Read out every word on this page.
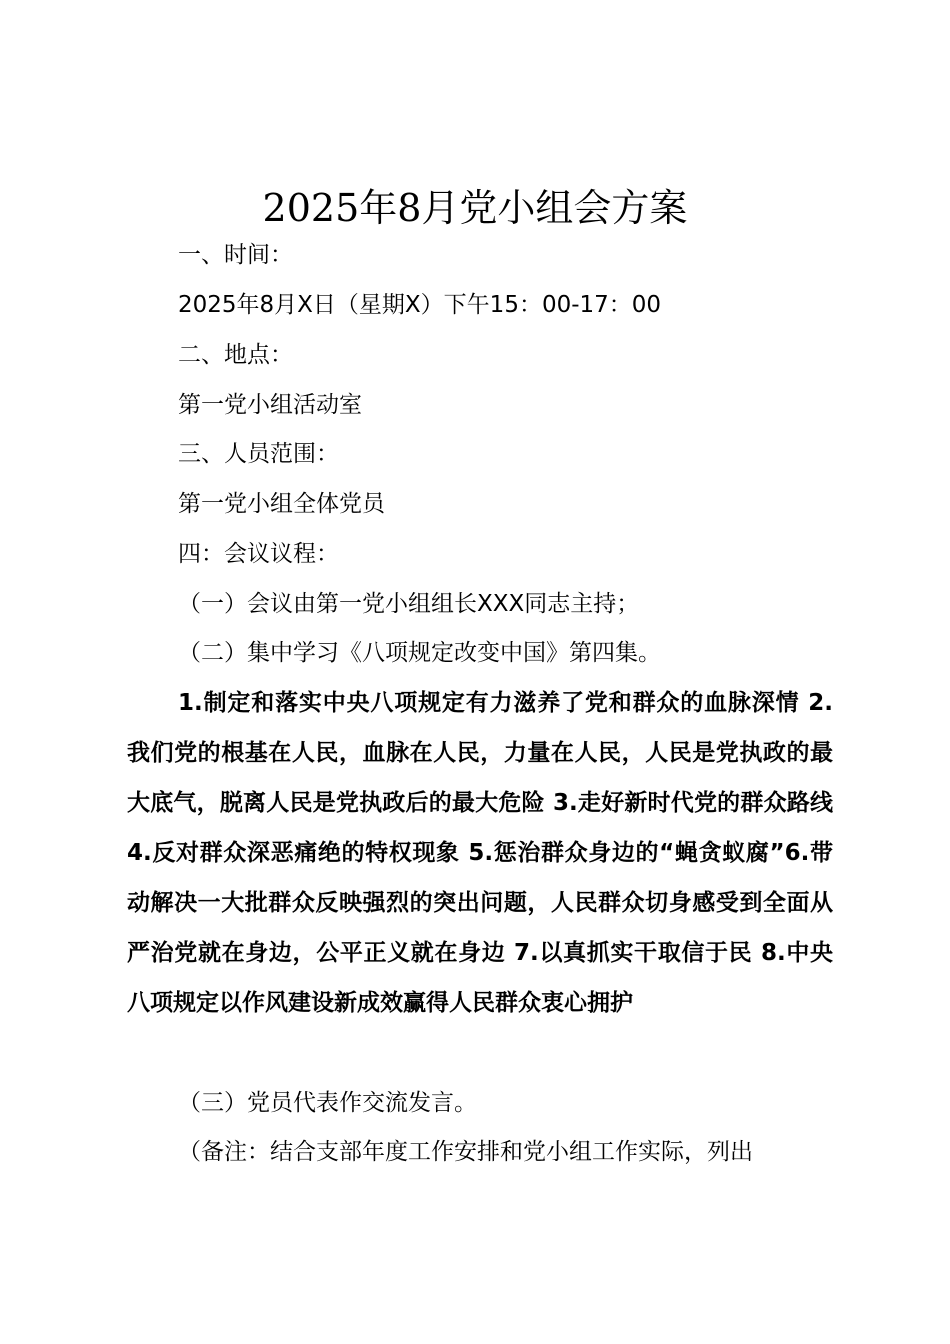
2025年8月党小组会方案
一、时间：
2025年8月X日（星期X）下午15：00-17：00
二、地点：
第一党小组活动室
三、人员范围：
第一党小组全体党员
四：会议议程：
（一）会议由第一党小组组长XXX同志主持；
（二）集中学习《八项规定改变中国》第四集。
1.制定和落实中央八项规定有力滋养了党和群众的血脉深情 2.我们党的根基在人民，血脉在人民，力量在人民，人民是党执政的最大底气，脱离人民是党执政后的最大危险 3.走好新时代党的群众路线 4.反对群众深恶痛绝的特权现象 5.惩治群众身边的“蝇贪蚁腐”6.带动解决一大批群众反映强烈的突出问题，人民群众切身感受到全面从严治党就在身边，公平正义就在身边 7.以真抓实干取信于民 8.中央八项规定以作风建设新成效赢得人民群众衷心拥护
（三）党员代表作交流发言。
（备注：结合支部年度工作安排和党小组工作实际，列出
